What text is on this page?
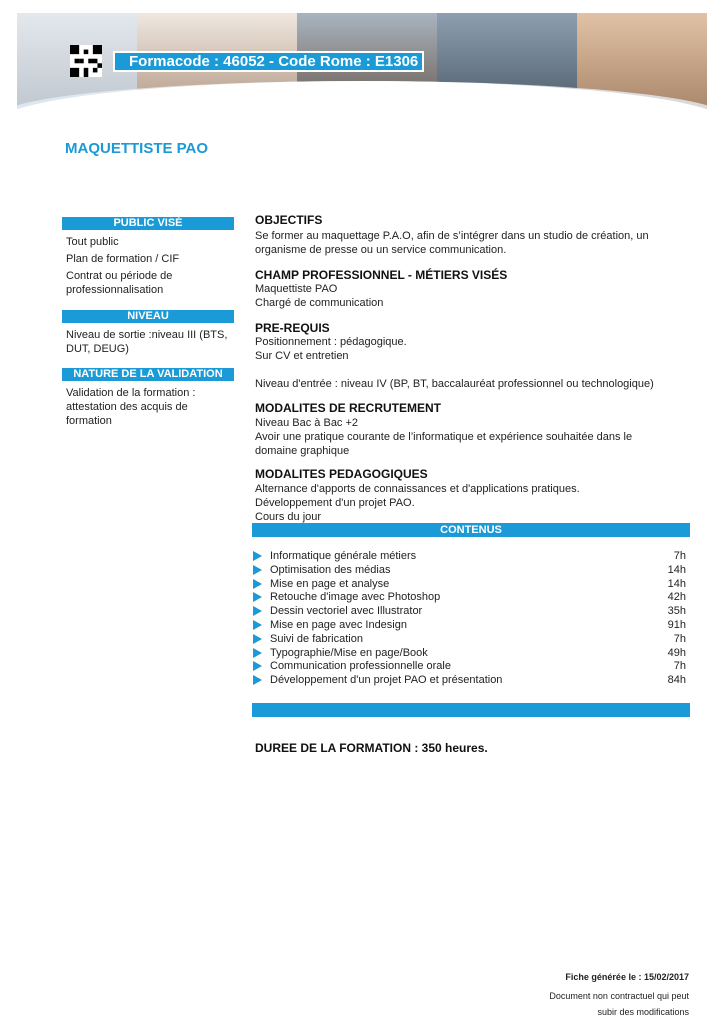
Formacode : 46052 - Code Rome : E1306
MAQUETTISTE PAO
PUBLIC VISÉ
Tout public
Plan de formation / CIF
Contrat ou période de professionnalisation
NIVEAU
Niveau de sortie :niveau III (BTS, DUT, DEUG)
NATURE DE LA VALIDATION
Validation de la formation : attestation des acquis de formation
OBJECTIFS
Se former au maquettage P.A.O, afin de s’intégrer dans un studio de création, un organisme de presse ou un service communication.
CHAMP PROFESSIONNEL - MÉTIERS VISÉS
Maquettiste PAO
Chargé de communication
PRE-REQUIS
Positionnement : pédagogique.
Sur CV et entretien
Niveau d'entrée : niveau IV (BP, BT, baccalauréat professionnel ou technologique)
MODALITES DE RECRUTEMENT
Niveau Bac à Bac +2
Avoir une pratique courante de l’informatique et expérience souhaitée dans le domaine graphique
MODALITES PEDAGOGIQUES
Alternance d'apports de connaissances et d'applications pratiques.
Développement d'un projet PAO.
Cours du jour
CONTENUS
Informatique générale métiers	7h
Optimisation des médias	14h
Mise en page et analyse	14h
Retouche d'image avec Photoshop	42h
Dessin vectoriel avec Illustrator	35h
Mise en page avec Indesign	91h
Suivi de fabrication	7h
Typographie/Mise en page/Book	49h
Communication professionnelle orale	7h
Développement d'un projet PAO et présentation	84h
DUREE DE LA FORMATION : 350 heures.
Fiche générée le : 15/02/2017
Document non contractuel qui peut
subir des modifications
